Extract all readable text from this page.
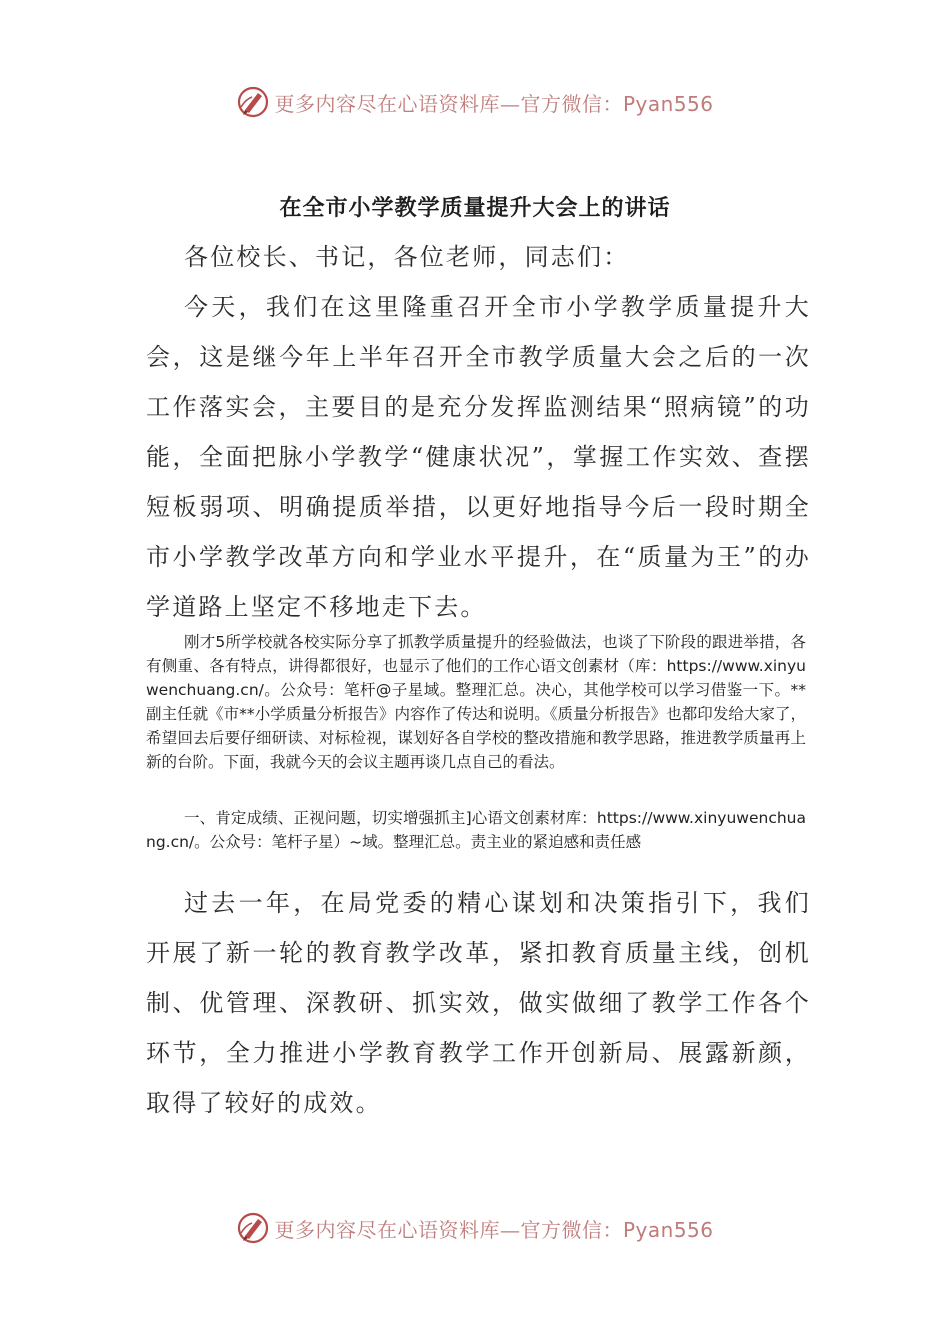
更多内容尽在心语资料库—官方微信：Pyan556
在全市小学教学质量提升大会上的讲话

各位校长、书记，各位老师，同志们：

今天，我们在这里隆重召开全市小学教学质量提升大会，这是继今年上半年召开全市教学质量大会之后的一次工作落实会，主要目的是充分发挥监测结果“照病镜”的功能，全面把脉小学教学“健康状况”，掌握工作实效、查摆短板弱项、明确提质举措，以更好地指导今后一段时期全市小学教学改革方向和学业水平提升，在“质量为王”的办学道路上坚定不移地走下去。

刚才5所学校就各校实际分享了抓教学质量提升的经验做法，也谈了下阶段的跟进举措，各有侧重、各有特点，讲得都很好，也显示了他们的工作心语文创素材（库：https://www.xinyuwenchuang.cn/。公众号：笔杆@子星域。整理汇总。决心，其他学校可以学习借鉴一下。**副主任就《市**小学质量分析报告》内容作了传达和说明。《质量分析报告》也都印发给大家了，希望回去后要仔细研读、对标检视，谋划好各自学校的整改措施和教学思路，推进教学质量再上新的台阶。下面，我就今天的会议主题再谈几点自己的看法。

一、肯定成绩、正视问题，切实增强抓主]心语文创素材库：https://www.xinyuwenchuang.cn/。公众号：笔杆子星）~域。整理汇总。责主业的紧迫感和责任感

过去一年，在局党委的精心谋划和决策指引下，我们开展了新一轮的教育教学改革，紧扣教育质量主线，创机制、优管理、深教研、抓实效，做实做细了教学工作各个环节，全力推进小学教育教学工作开创新局、展露新颜，取得了较好的成效。

更多内容尽在心语资料库—官方微信：Pyan556
